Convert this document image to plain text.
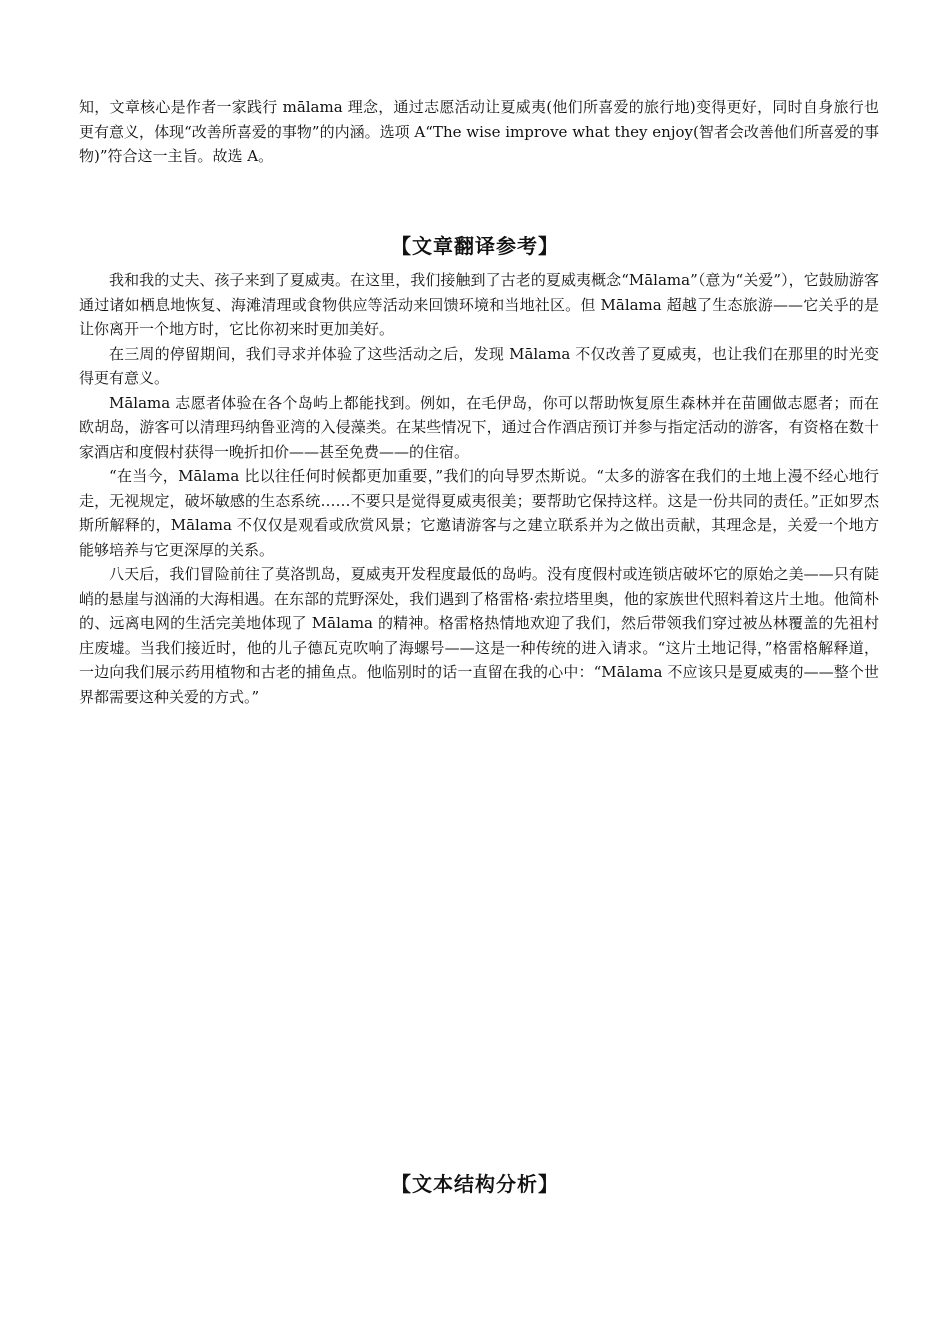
知，文章核心是作者一家践行 mālama 理念，通过志愿活动让夏威夷(他们所喜爱的旅行地)变得更好，同时自身旅行也更有意义，体现“改善所喜爱的事物”的内涵。选项 A“The wise improve what they enjoy(智者会改善他们所喜爱的事物)”符合这一主旨。故选 A。

【文章翻译参考】

我和我的丈夫、孩子来到了夏威夷。在这里，我们接触到了古老的夏威夷概念“Mālama”（意为“关爱”），它鼓励游客通过诸如栖息地恢复、海滩清理或食物供应等活动来回馈环境和当地社区。但 Mālama 超越了生态旅游——它关乎的是让你离开一个地方时，它比你初来时更加美好。

在三周的停留期间，我们寻求并体验了这些活动之后，发现 Mālama 不仅改善了夏威夷，也让我们在那里的时光变得更有意义。

Mālama 志愿者体验在各个岛屿上都能找到。例如，在毛伊岛，你可以帮助恢复原生森林并在苗圃做志愿者；而在欧胡岛，游客可以清理玛纳鲁亚湾的入侵藻类。在某些情况下，通过合作酒店预订并参与指定活动的游客，有资格在数十家酒店和度假村获得一晚折扣价——甚至免费——的住宿。

“在当今，Mālama 比以往任何时候都更加重要，”我们的向导罗杰斯说。“太多的游客在我们的土地上漫不经心地行走，无视规定，破坏敏感的生态系统……不要只是觉得夏威夷很美；要帮助它保持这样。这是一份共同的责任。”正如罗杰斯所解释的，Mālama 不仅仅是观看或欣赏风景；它邀请游客与之建立联系并为之做出贡献，其理念是，关爱一个地方能够培养与它更深厚的关系。

八天后，我们冒险前往了莫洛凯岛，夏威夷开发程度最低的岛屿。没有度假村或连锁店破坏它的原始之美——只有陡峭的悬崖与汹涌的大海相遇。在东部的荒野深处，我们遇到了格雷格·索拉塔里奥，他的家族世代照料着这片土地。他简朴的、远离电网的生活完美地体现了 Mālama 的精神。格雷格热情地欢迎了我们，然后带领我们穿过被丛林覆盖的先祖村庄废墟。当我们接近时，他的儿子德瓦克吹响了海螺号——这是一种传统的进入请求。“这片土地记得，”格雷格解释道，一边向我们展示药用植物和古老的捕鱼点。他临别时的话一直留在我的心中：“Mālama 不应该只是夏威夷的——整个世界都需要这种关爱的方式。”

【文本结构分析】
